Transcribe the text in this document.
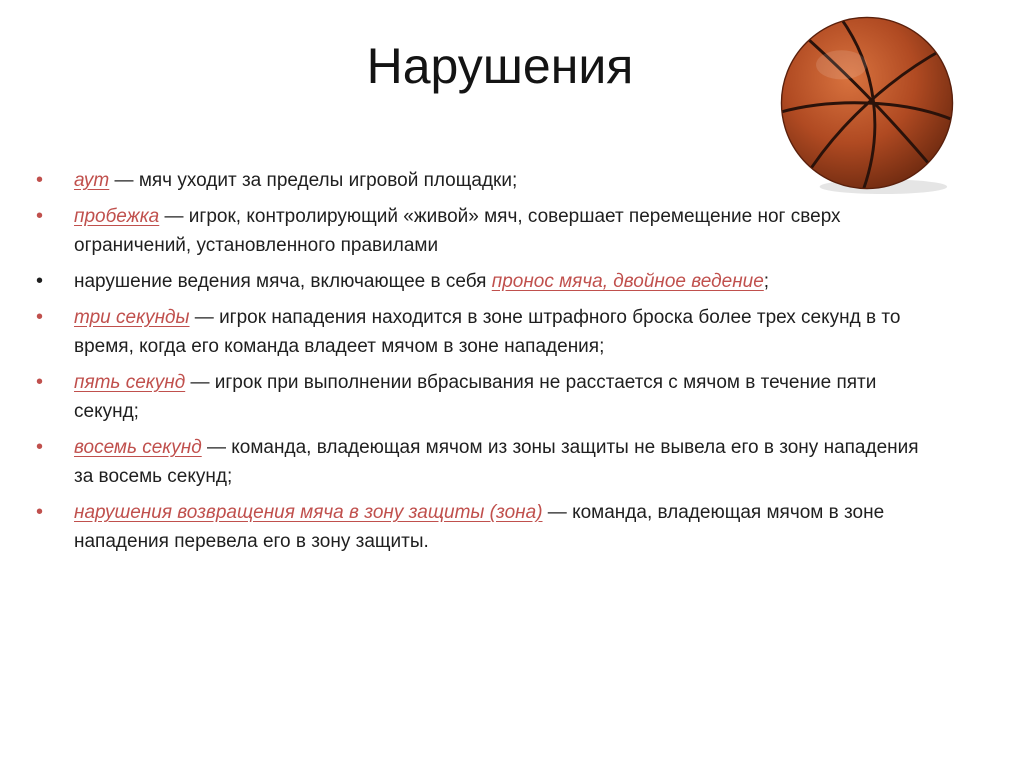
Нарушения
• аут — мяч уходит за пределы игровой площадки;
• пробежка — игрок, контролирующий «живой» мяч, совершает перемещение ног сверх ограничений, установленного правилами
• нарушение ведения мяча, включающее в себя пронос мяча, двойное ведение;
• три секунды — игрок нападения находится в зоне штрафного броска более трех секунд в то время, когда его команда владеет мячом в зоне нападения;
• пять секунд — игрок при выполнении вбрасывания не расстается с мячом в течение пяти секунд;
• восемь секунд — команда, владеющая мячом из зоны защиты не вывела его в зону нападения за восемь секунд;
• нарушения возвращения мяча в зону защиты (зона) — команда, владеющая мячом в зоне нападения перевела его в зону защиты.
